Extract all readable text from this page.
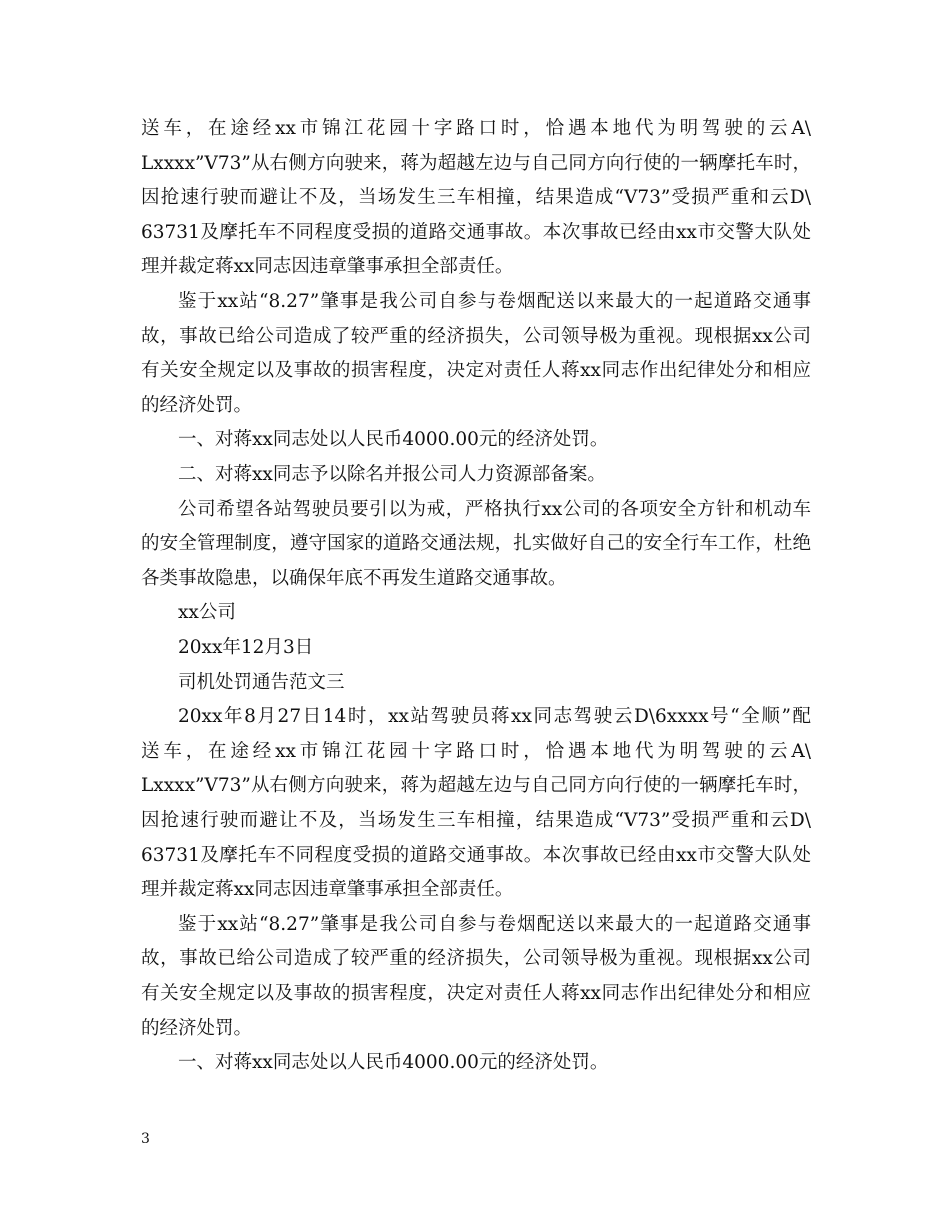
送车，在途经xx市锦江花园十字路口时，恰遇本地代为明驾驶的云A\
Lxxxx”V73”从右侧方向驶来，蒋为超越左边与自己同方向行使的一辆摩托车时，
因抢速行驶而避让不及，当场发生三车相撞，结果造成“V73”受损严重和云D\
63731及摩托车不同程度受损的道路交通事故。本次事故已经由xx市交警大队处
理并裁定蒋xx同志因违章肇事承担全部责任。
鉴于xx站“8.27”肇事是我公司自参与卷烟配送以来最大的一起道路交通事
故，事故已给公司造成了较严重的经济损失，公司领导极为重视。现根据xx公司
有关安全规定以及事故的损害程度，决定对责任人蒋xx同志作出纪律处分和相应
的经济处罚。
一、对蒋xx同志处以人民币4000.00元的经济处罚。
二、对蒋xx同志予以除名并报公司人力资源部备案。
公司希望各站驾驶员要引以为戒，严格执行xx公司的各项安全方针和机动车
的安全管理制度，遵守国家的道路交通法规，扎实做好自己的安全行车工作，杜绝
各类事故隐患，以确保年底不再发生道路交通事故。
xx公司
20xx年12月3日
司机处罚通告范文三
20xx年8月27日14时，xx站驾驶员蒋xx同志驾驶云D\6xxxx号“全顺”配
送车，在途经xx市锦江花园十字路口时，恰遇本地代为明驾驶的云A\
Lxxxx”V73”从右侧方向驶来，蒋为超越左边与自己同方向行使的一辆摩托车时，
因抢速行驶而避让不及，当场发生三车相撞，结果造成“V73”受损严重和云D\
63731及摩托车不同程度受损的道路交通事故。本次事故已经由xx市交警大队处
理并裁定蒋xx同志因违章肇事承担全部责任。
鉴于xx站“8.27”肇事是我公司自参与卷烟配送以来最大的一起道路交通事
故，事故已给公司造成了较严重的经济损失，公司领导极为重视。现根据xx公司
有关安全规定以及事故的损害程度，决定对责任人蒋xx同志作出纪律处分和相应
的经济处罚。
一、对蒋xx同志处以人民币4000.00元的经济处罚。
3
